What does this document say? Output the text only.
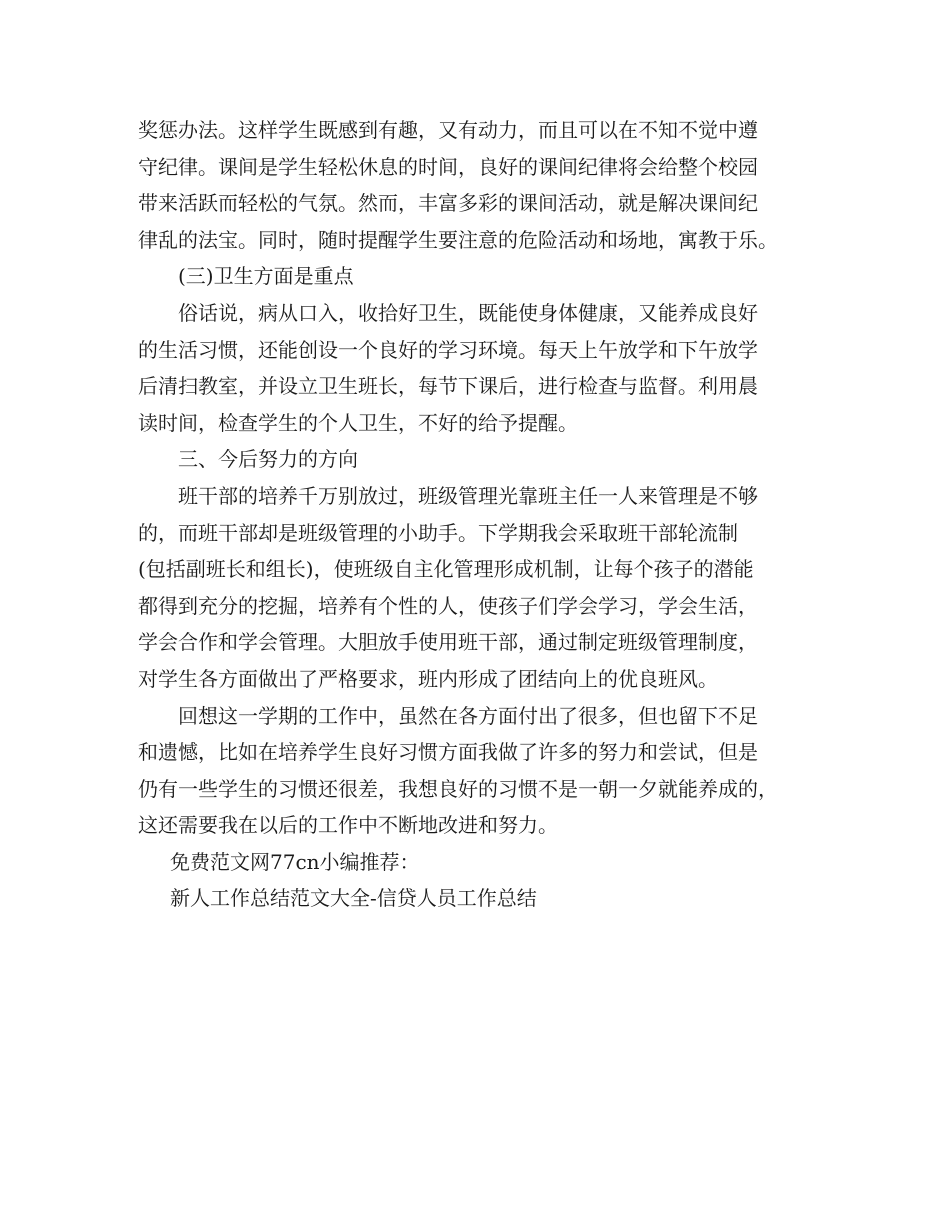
奖惩办法。这样学生既感到有趣，又有动力，而且可以在不知不觉中遵
守纪律。课间是学生轻松休息的时间，良好的课间纪律将会给整个校园
带来活跃而轻松的气氛。然而，丰富多彩的课间活动，就是解决课间纪
律乱的法宝。同时，随时提醒学生要注意的危险活动和场地，寓教于乐。
(三)卫生方面是重点
俗话说，病从口入，收拾好卫生，既能使身体健康，又能养成良好
的生活习惯，还能创设一个良好的学习环境。每天上午放学和下午放学
后清扫教室，并设立卫生班长，每节下课后，进行检查与监督。利用晨
读时间，检查学生的个人卫生，不好的给予提醒。
三、今后努力的方向
班干部的培养千万别放过，班级管理光靠班主任一人来管理是不够
的，而班干部却是班级管理的小助手。下学期我会采取班干部轮流制
(包括副班长和组长)，使班级自主化管理形成机制，让每个孩子的潜能
都得到充分的挖掘，培养有个性的人，使孩子们学会学习，学会生活，
学会合作和学会管理。大胆放手使用班干部，通过制定班级管理制度，
对学生各方面做出了严格要求，班内形成了团结向上的优良班风。
回想这一学期的工作中，虽然在各方面付出了很多，但也留下不足
和遗憾，比如在培养学生良好习惯方面我做了许多的努力和尝试，但是
仍有一些学生的习惯还很差，我想良好的习惯不是一朝一夕就能养成的，
这还需要我在以后的工作中不断地改进和努力。
免费范文网77cn小编推荐：
新人工作总结范文大全-信贷人员工作总结
